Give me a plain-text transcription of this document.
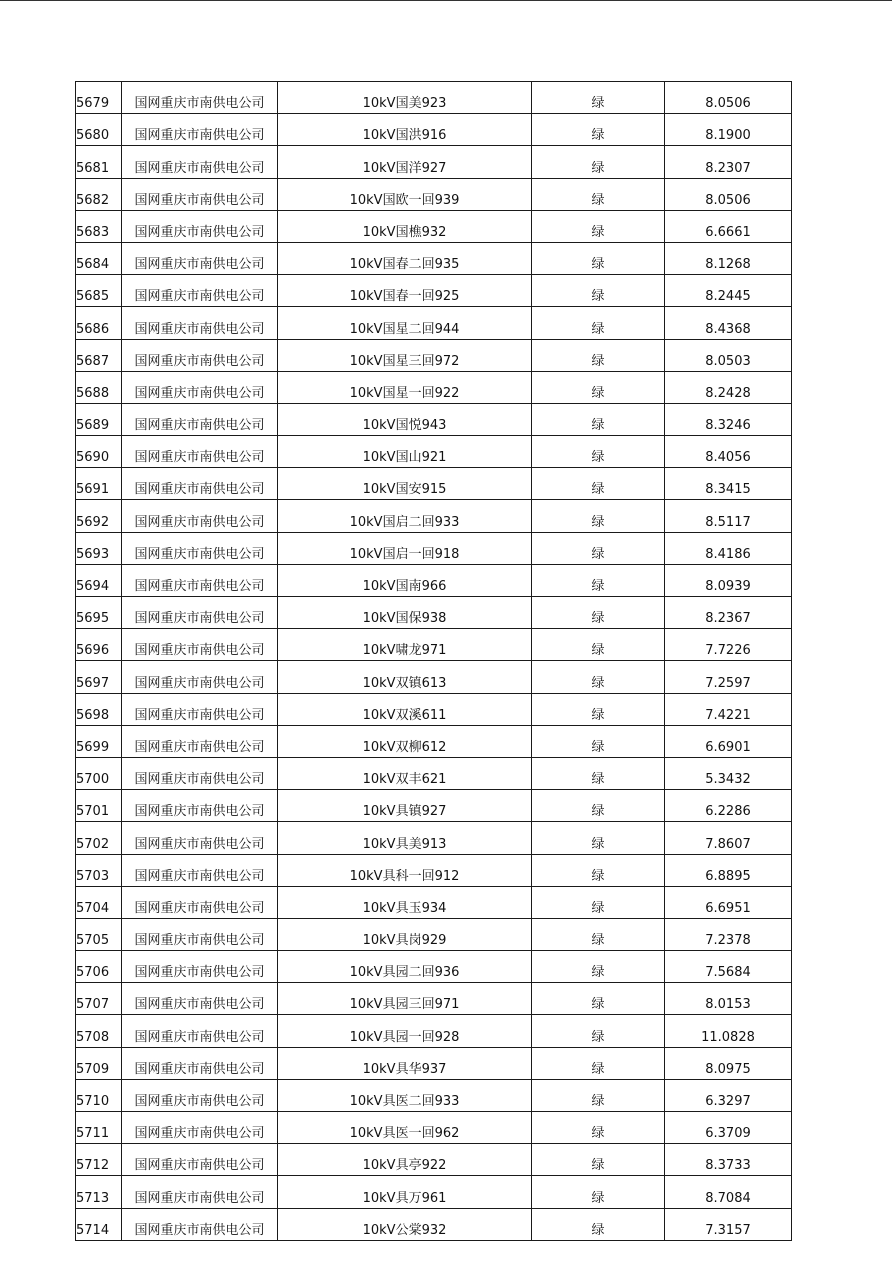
5679	国网重庆市南供电公司	10kV国美923	绿	8.0506
5680	国网重庆市南供电公司	10kV国洪916	绿	8.1900
5681	国网重庆市南供电公司	10kV国洋927	绿	8.2307
5682	国网重庆市南供电公司	10kV国欧一回939	绿	8.0506
5683	国网重庆市南供电公司	10kV国樵932	绿	6.6661
5684	国网重庆市南供电公司	10kV国春二回935	绿	8.1268
5685	国网重庆市南供电公司	10kV国春一回925	绿	8.2445
5686	国网重庆市南供电公司	10kV国星二回944	绿	8.4368
5687	国网重庆市南供电公司	10kV国星三回972	绿	8.0503
5688	国网重庆市南供电公司	10kV国星一回922	绿	8.2428
5689	国网重庆市南供电公司	10kV国悦943	绿	8.3246
5690	国网重庆市南供电公司	10kV国山921	绿	8.4056
5691	国网重庆市南供电公司	10kV国安915	绿	8.3415
5692	国网重庆市南供电公司	10kV国启二回933	绿	8.5117
5693	国网重庆市南供电公司	10kV国启一回918	绿	8.4186
5694	国网重庆市南供电公司	10kV国南966	绿	8.0939
5695	国网重庆市南供电公司	10kV国保938	绿	8.2367
5696	国网重庆市南供电公司	10kV啸龙971	绿	7.7226
5697	国网重庆市南供电公司	10kV双镇613	绿	7.2597
5698	国网重庆市南供电公司	10kV双溪611	绿	7.4221
5699	国网重庆市南供电公司	10kV双柳612	绿	6.6901
5700	国网重庆市南供电公司	10kV双丰621	绿	5.3432
5701	国网重庆市南供电公司	10kV具镇927	绿	6.2286
5702	国网重庆市南供电公司	10kV具美913	绿	7.8607
5703	国网重庆市南供电公司	10kV具科一回912	绿	6.8895
5704	国网重庆市南供电公司	10kV具玉934	绿	6.6951
5705	国网重庆市南供电公司	10kV具岗929	绿	7.2378
5706	国网重庆市南供电公司	10kV具园二回936	绿	7.5684
5707	国网重庆市南供电公司	10kV具园三回971	绿	8.0153
5708	国网重庆市南供电公司	10kV具园一回928	绿	11.0828
5709	国网重庆市南供电公司	10kV具华937	绿	8.0975
5710	国网重庆市南供电公司	10kV具医二回933	绿	6.3297
5711	国网重庆市南供电公司	10kV具医一回962	绿	6.3709
5712	国网重庆市南供电公司	10kV具亭922	绿	8.3733
5713	国网重庆市南供电公司	10kV具万961	绿	8.7084
5714	国网重庆市南供电公司	10kV公棠932	绿	7.3157
